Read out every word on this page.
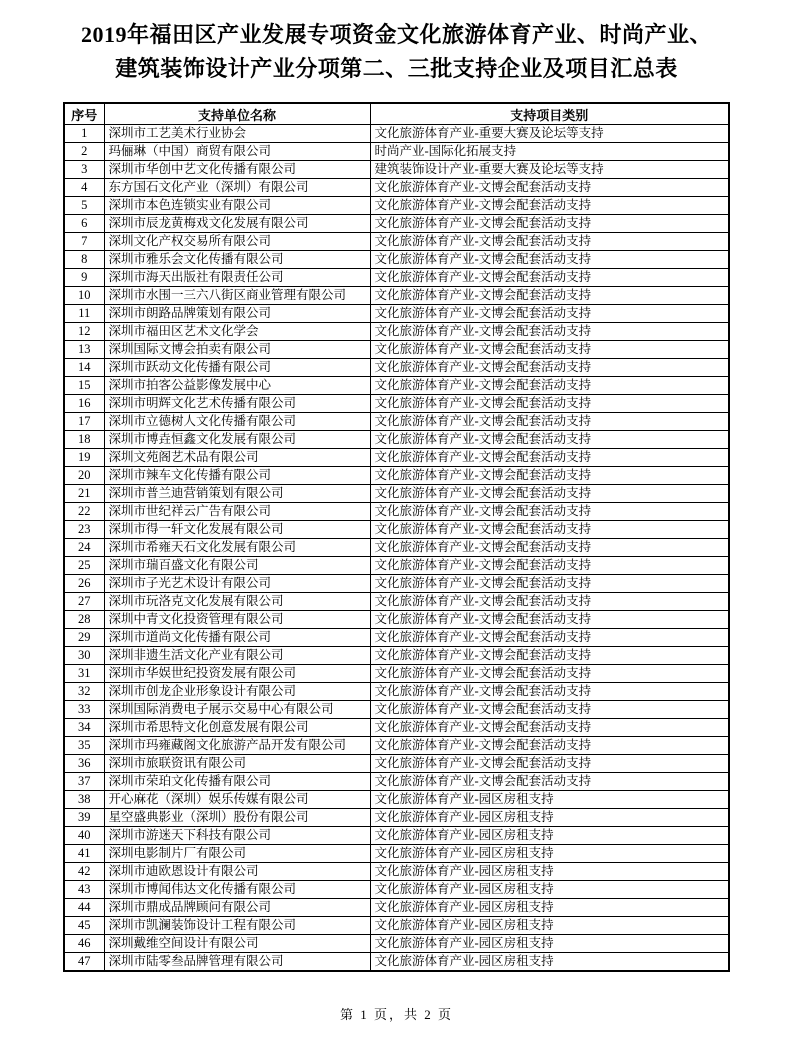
2019年福田区产业发展专项资金文化旅游体育产业、时尚产业、
建筑装饰设计产业分项第二、三批支持企业及项目汇总表
序号	支持单位名称	支持项目类别
1	深圳市工艺美术行业协会	文化旅游体育产业-重要大赛及论坛等支持
2	玛俪琳（中国）商贸有限公司	时尚产业-国际化拓展支持
3	深圳市华创中艺文化传播有限公司	建筑装饰设计产业-重要大赛及论坛等支持
4	东方国石文化产业（深圳）有限公司	文化旅游体育产业-文博会配套活动支持
5	深圳市本色连锁实业有限公司	文化旅游体育产业-文博会配套活动支持
6	深圳市辰龙黄梅戏文化发展有限公司	文化旅游体育产业-文博会配套活动支持
7	深圳文化产权交易所有限公司	文化旅游体育产业-文博会配套活动支持
8	深圳市雅乐会文化传播有限公司	文化旅游体育产业-文博会配套活动支持
9	深圳市海天出版社有限责任公司	文化旅游体育产业-文博会配套活动支持
10	深圳市水围一三六八街区商业管理有限公司	文化旅游体育产业-文博会配套活动支持
11	深圳市朗路品牌策划有限公司	文化旅游体育产业-文博会配套活动支持
12	深圳市福田区艺术文化学会	文化旅游体育产业-文博会配套活动支持
13	深圳国际文博会拍卖有限公司	文化旅游体育产业-文博会配套活动支持
14	深圳市跃动文化传播有限公司	文化旅游体育产业-文博会配套活动支持
15	深圳市拍客公益影像发展中心	文化旅游体育产业-文博会配套活动支持
16	深圳市明辉文化艺术传播有限公司	文化旅游体育产业-文博会配套活动支持
17	深圳市立德树人文化传播有限公司	文化旅游体育产业-文博会配套活动支持
18	深圳市博垚恒鑫文化发展有限公司	文化旅游体育产业-文博会配套活动支持
19	深圳文苑阁艺术品有限公司	文化旅游体育产业-文博会配套活动支持
20	深圳市辣车文化传播有限公司	文化旅游体育产业-文博会配套活动支持
21	深圳市普兰迪营销策划有限公司	文化旅游体育产业-文博会配套活动支持
22	深圳市世纪祥云广告有限公司	文化旅游体育产业-文博会配套活动支持
23	深圳市得一轩文化发展有限公司	文化旅游体育产业-文博会配套活动支持
24	深圳市希雍天石文化发展有限公司	文化旅游体育产业-文博会配套活动支持
25	深圳市瑞百盛文化有限公司	文化旅游体育产业-文博会配套活动支持
26	深圳市子光艺术设计有限公司	文化旅游体育产业-文博会配套活动支持
27	深圳市玩洛克文化发展有限公司	文化旅游体育产业-文博会配套活动支持
28	深圳中青文化投资管理有限公司	文化旅游体育产业-文博会配套活动支持
29	深圳市道尚文化传播有限公司	文化旅游体育产业-文博会配套活动支持
30	深圳非遗生活文化产业有限公司	文化旅游体育产业-文博会配套活动支持
31	深圳市华娱世纪投资发展有限公司	文化旅游体育产业-文博会配套活动支持
32	深圳市创龙企业形象设计有限公司	文化旅游体育产业-文博会配套活动支持
33	深圳国际消费电子展示交易中心有限公司	文化旅游体育产业-文博会配套活动支持
34	深圳市希思特文化创意发展有限公司	文化旅游体育产业-文博会配套活动支持
35	深圳市玛雍藏阁文化旅游产品开发有限公司	文化旅游体育产业-文博会配套活动支持
36	深圳市旅联资讯有限公司	文化旅游体育产业-文博会配套活动支持
37	深圳市荣珀文化传播有限公司	文化旅游体育产业-文博会配套活动支持
38	开心麻花（深圳）娱乐传媒有限公司	文化旅游体育产业-园区房租支持
39	星空盛典影业（深圳）股份有限公司	文化旅游体育产业-园区房租支持
40	深圳市游迷天下科技有限公司	文化旅游体育产业-园区房租支持
41	深圳电影制片厂有限公司	文化旅游体育产业-园区房租支持
42	深圳市迪欧恩设计有限公司	文化旅游体育产业-园区房租支持
43	深圳市博闻伟达文化传播有限公司	文化旅游体育产业-园区房租支持
44	深圳市鼎成品牌顾问有限公司	文化旅游体育产业-园区房租支持
45	深圳市凯澜装饰设计工程有限公司	文化旅游体育产业-园区房租支持
46	深圳戴维空间设计有限公司	文化旅游体育产业-园区房租支持
47	深圳市陆零叁品牌管理有限公司	文化旅游体育产业-园区房租支持
第 1 页，共 2 页
